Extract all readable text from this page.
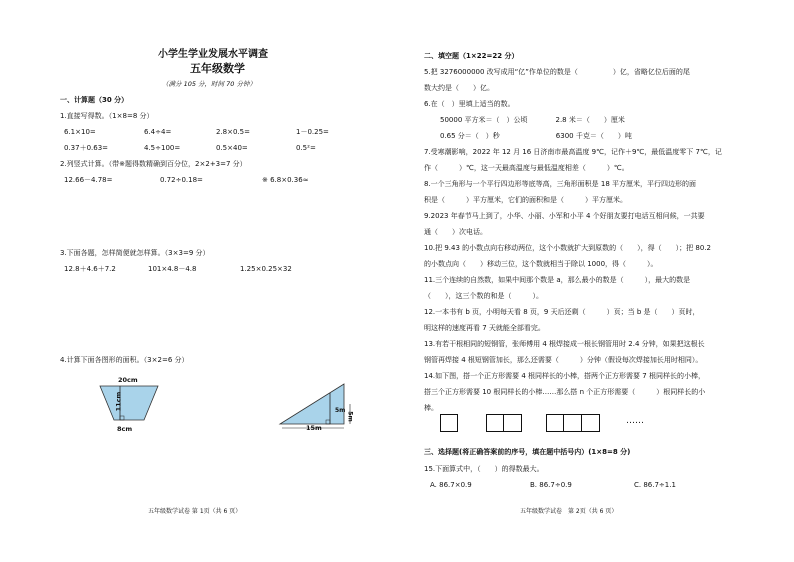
小学生学业发展水平调查
五年级数学
（满分 105 分，时间 70 分钟）
一、计算题（30 分）
1.直接写得数。（1×8=8 分）
6.1×10=	6.4÷4=	2.8×0.5=	1－0.25=
0.37＋0.63=	4.5÷100=	0.5×40=	0.5²=
2.列竖式计算。（带※题得数精确到百分位，2×2+3=7 分）
12.66－4.78=	0.72÷0.18=	※ 6.8×0.36≈
3.下面各题，怎样简便就怎样算。（3×3=9 分）
12.8＋4.6＋7.2	101×4.8－4.8	1.25×0.25×32
4.计算下面各图形的面积。（3×2=6 分）
20cm
11cm
8cm
5m
5m
15m
五年级数学试卷 第 1页（共 6 页）
二、填空题（1×22=22 分）
5.把 3276000000 改写成用“亿”作单位的数是（　　　　　）亿，省略亿位后面的尾
数大约是（　　）亿。
6.在（　）里填上适当的数。
50000 平方米＝（　）公顷　　　　2.8 米＝（　　）厘米
0.65 分＝（　）秒　　　　　　　　6300 千克＝（　　）吨
7.受寒潮影响，2022 年 12 月 16 日济南市最高温度 9℃，记作＋9℃，最低温度零下 7℃，记
作（　　　）℃，这一天最高温度与最低温度相差（　　　）℃。
8.一个三角形与一个平行四边形等底等高，三角形面积是 18 平方厘米，平行四边形的面
积是（　　　）平方厘米，它们的面积和是（　　　）平方厘米。
9.2023 年春节马上到了，小华、小丽、小军和小平 4 个好朋友要打电话互相问候，一共要
通（　　）次电话。
10.把 9.43 的小数点向右移动两位，这个小数就扩大到原数的（　　），得（　　）；把 80.2
的小数点向（　　）移动三位，这个数就相当于除以 1000，得（　　　）。
11.三个连续的自然数，如果中间那个数是 a，那么最小的数是（　　　），最大的数是
（　　），这三个数的和是（　　　）。
12.一本书有 b 页，小明每天看 8 页，9 天后还剩（　　　）页；当 b 是（　　）页时，
明这样的速度再看 7 天就能全部看完。
13.有若干根相同的短钢管，张师傅用 4 根焊接成一根长钢管用时 2.4 分钟，如果把这根长
钢管再焊接 4 根短钢管加长，那么还需要（　　　）分钟（假设每次焊接加长用时相同）。
14.如下图，搭一个正方形需要 4 根同样长的小棒，搭两个正方形需要 7 根同样长的小棒，
搭三个正方形需要 10 根同样长的小棒……那么搭 n 个正方形需要（　　　）根同样长的小
棒。
……
三、选择题(将正确答案前的序号，填在题中括号内）(1×8=8 分)
15.下面算式中，（　　）的得数最大。
A. 86.7×0.9	B. 86.7÷0.9	C. 86.7÷1.1
五年级数学试卷　第 2页（共 6 页）
